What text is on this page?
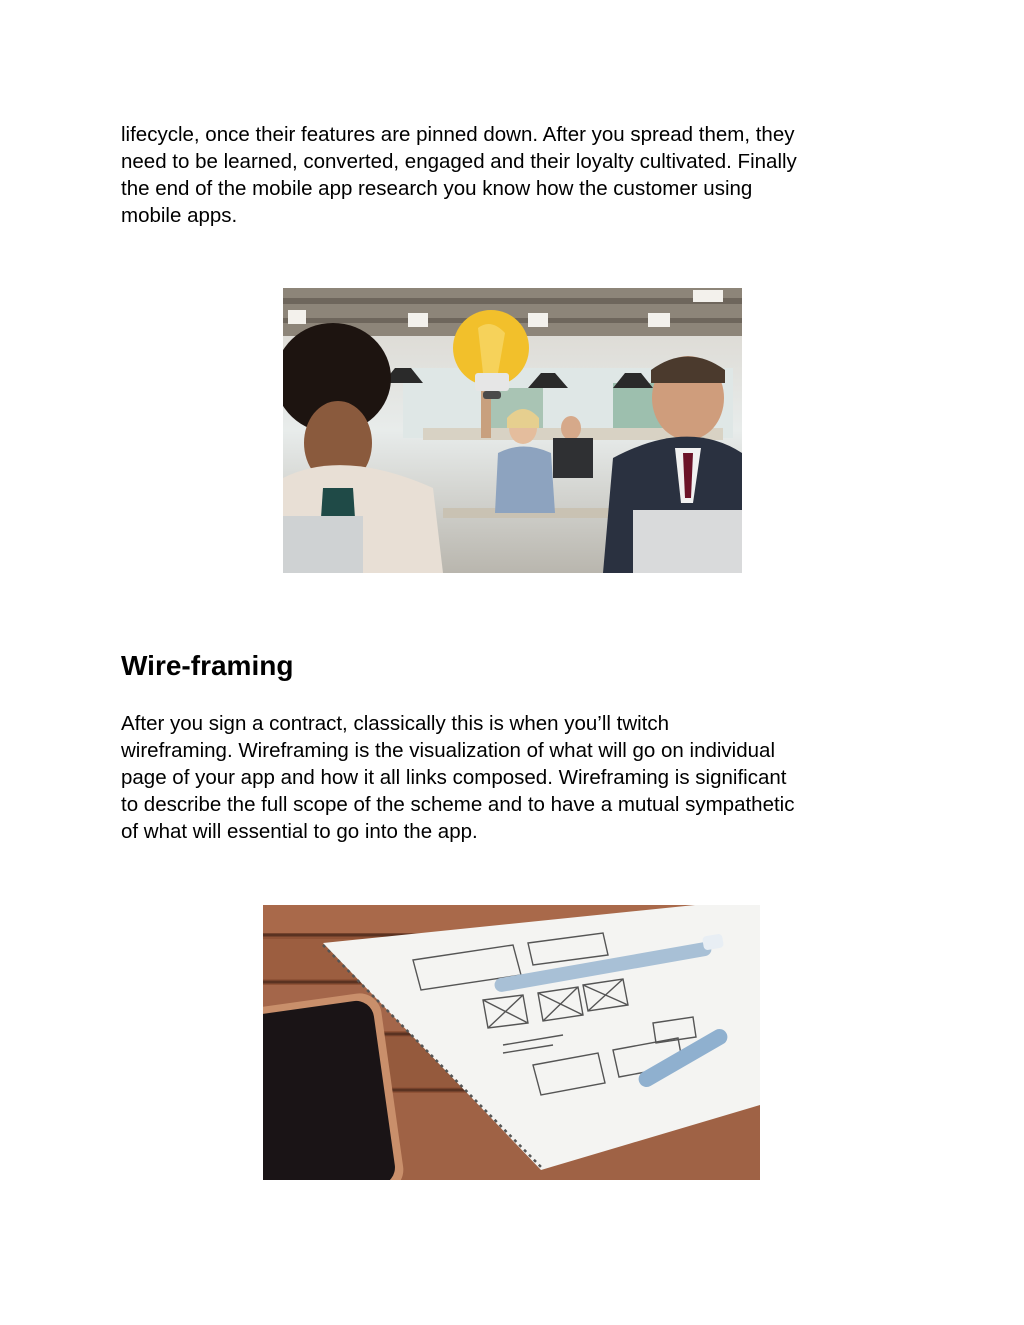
lifecycle, once their features are pinned down. After you spread them, they
need to be learned, converted, engaged and their loyalty cultivated. Finally
the end of the mobile app research you know how the customer using
mobile apps.

Wire-framing

After you sign a contract, classically this is when you’ll twitch
wireframing. Wireframing is the visualization of what will go on individual
page of your app and how it all links composed. Wireframing is significant
to describe the full scope of the scheme and to have a mutual sympathetic
of what will essential to go into the app.
